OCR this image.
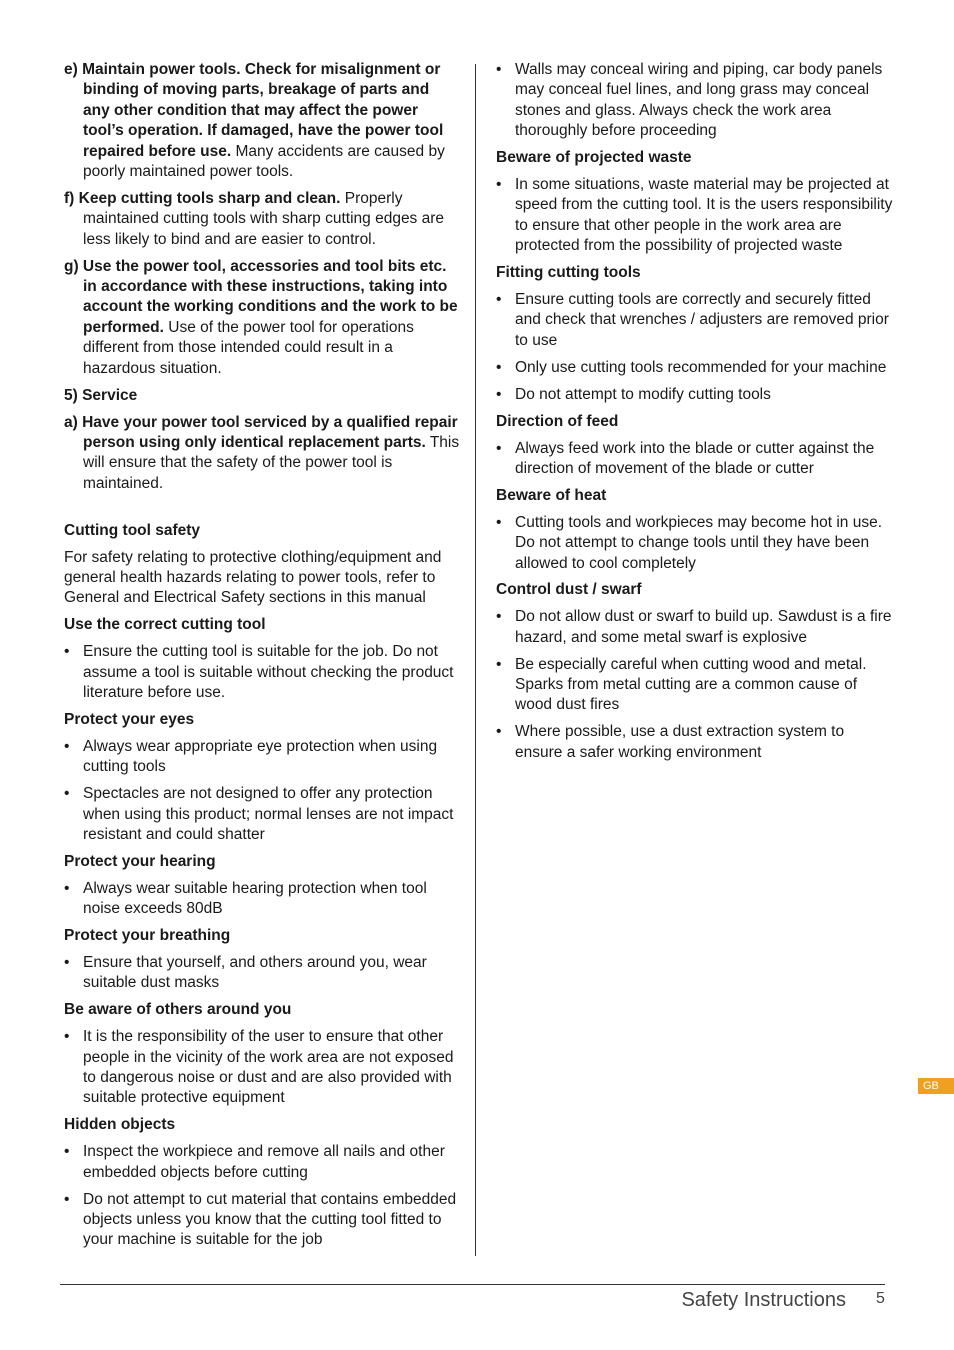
e) Maintain power tools. Check for misalignment or binding of moving parts, breakage of parts and any other condition that may affect the power tool’s operation. If damaged, have the power tool repaired before use. Many accidents are caused by poorly maintained power tools.

f) Keep cutting tools sharp and clean. Properly maintained cutting tools with sharp cutting edges are less likely to bind and are easier to control.

g) Use the power tool, accessories and tool bits etc. in accordance with these instructions, taking into account the working conditions and the work to be performed. Use of the power tool for operations different from those intended could result in a hazardous situation.

5) Service

a) Have your power tool serviced by a qualified repair person using only identical replacement parts. This will ensure that the safety of the power tool is maintained.

Cutting tool safety

For safety relating to protective clothing/equipment and general health hazards relating to power tools, refer to General and Electrical Safety sections in this manual

Use the correct cutting tool

• Ensure the cutting tool is suitable for the job. Do not assume a tool is suitable without checking the product literature before use.

Protect your eyes

• Always wear appropriate eye protection when using cutting tools
• Spectacles are not designed to offer any protection when using this product; normal lenses are not impact resistant and could shatter

Protect your hearing

• Always wear suitable hearing protection when tool noise exceeds 80dB

Protect your breathing

• Ensure that yourself, and others around you, wear suitable dust masks

Be aware of others around you

• It is the responsibility of the user to ensure that other people in the vicinity of the work area are not exposed to dangerous noise or dust and are also provided with suitable protective equipment

Hidden objects

• Inspect the workpiece and remove all nails and other embedded objects before cutting
• Do not attempt to cut material that contains embedded objects unless you know that the cutting tool fitted to your machine is suitable for the job
• Walls may conceal wiring and piping, car body panels may conceal fuel lines, and long grass may conceal stones and glass. Always check the work area thoroughly before proceeding

Beware of projected waste

• In some situations, waste material may be projected at speed from the cutting tool. It is the users responsibility to ensure that other people in the work area are protected from the possibility of projected waste

Fitting cutting tools

• Ensure cutting tools are correctly and securely fitted and check that wrenches / adjusters are removed prior to use
• Only use cutting tools recommended for your machine
• Do not attempt to modify cutting tools

Direction of feed

• Always feed work into the blade or cutter against the direction of movement of the blade or cutter

Beware of heat

• Cutting tools and workpieces may become hot in use. Do not attempt to change tools until they have been allowed to cool completely

Control dust / swarf

• Do not allow dust or swarf to build up. Sawdust is a fire hazard, and some metal swarf is explosive
• Be especially careful when cutting wood and metal. Sparks from metal cutting are a common cause of wood dust fires
• Where possible, use a dust extraction system to ensure a safer working environment
GB
Safety Instructions 5
